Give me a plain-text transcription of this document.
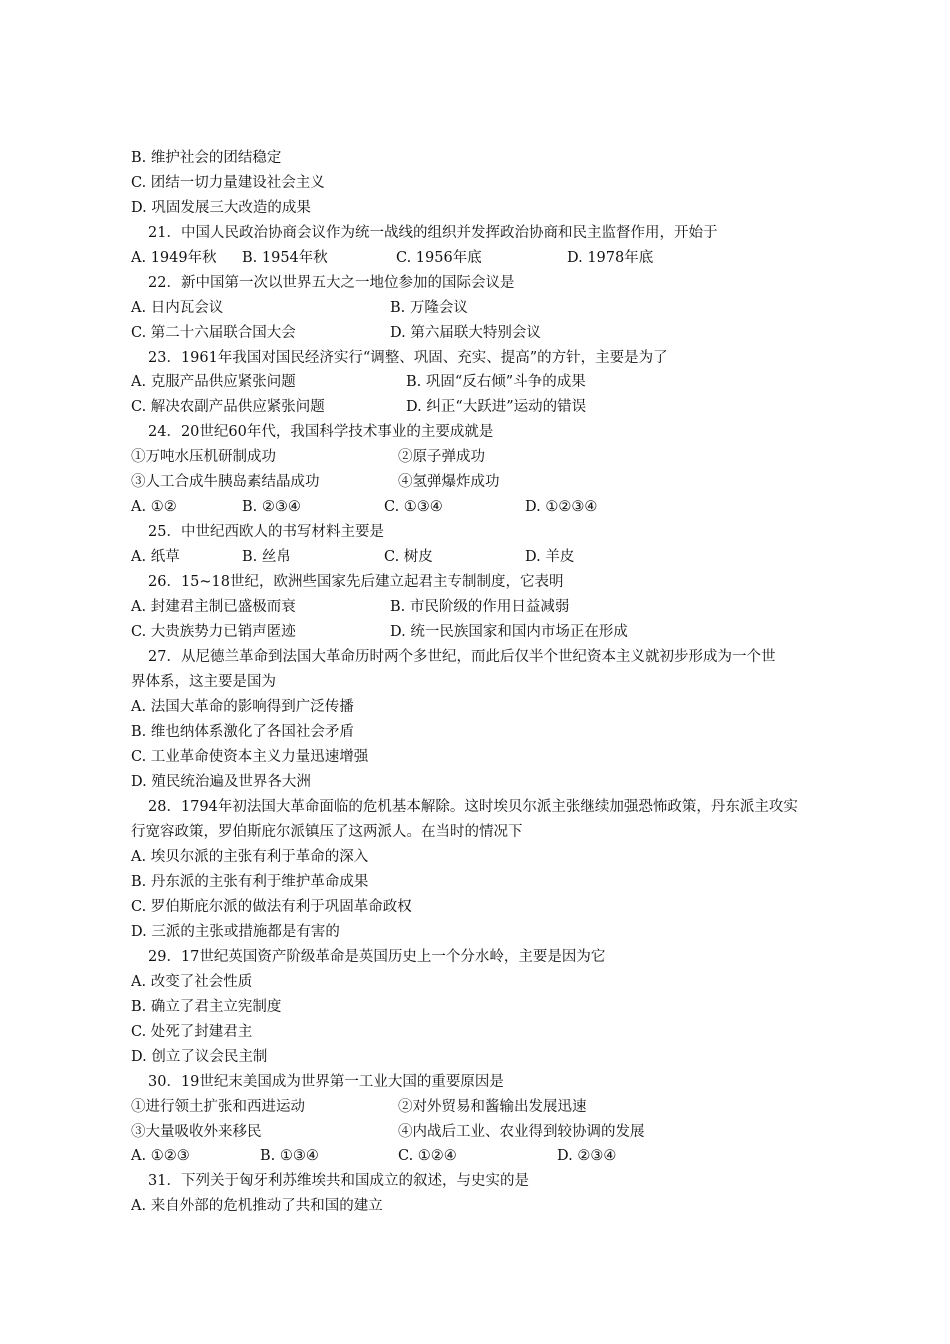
B. 维护社会的团结稳定
C. 团结一切力量建设社会主义
D. 巩固发展三大改造的成果
21．中国人民政治协商会议作为统一战线的组织并发挥政治协商和民主监督作用，开始于
A. 1949年秋 B. 1954年秋	C. 1956年底	D. 1978年底
22．新中国第一次以世界五大之一地位参加的国际会议是
A. 日内瓦会议	B. 万隆会议
C. 第二十六届联合国大会	D. 第六届联大特别会议
23．1961年我国对国民经济实行“调整、巩固、充实、提高”的方针，主要是为了
A. 克服产品供应紧张问题	B. 巩固“反右倾”斗争的成果
C. 解决农副产品供应紧张问题	D. 纠正“大跃进”运动的错误
24．20世纪60年代，我国科学技术事业的主要成就是
①万吨水压机研制成功	②原子弹成功
③人工合成牛胰岛素结晶成功	④氢弹爆炸成功
A. ①②	B. ②③④	C. ①③④	D. ①②③④
25．中世纪西欧人的书写材料主要是
A. 纸草	B. 丝帛	C. 树皮	D. 羊皮
26．15~18世纪，欧洲些国家先后建立起君主专制制度，它表明
A. 封建君主制已盛极而衰	B. 市民阶级的作用日益减弱
C. 大贵族势力已销声匿迹	D. 统一民族国家和国内市场正在形成
27．从尼德兰革命到法国大革命历时两个多世纪，而此后仅半个世纪资本主义就初步形成为一个世
界体系，这主要是国为
A. 法国大革命的影响得到广泛传播
B. 维也纳体系激化了各国社会矛盾
C. 工业革命使资本主义力量迅速增强
D. 殖民统治遍及世界各大洲
28．1794年初法国大革命面临的危机基本解除。这时埃贝尔派主张继续加强恐怖政策，丹东派主攻实
行宽容政策，罗伯斯庇尔派镇压了这两派人。在当时的情况下
A. 埃贝尔派的主张有利于革命的深入
B. 丹东派的主张有利于维护革命成果
C. 罗伯斯庇尔派的做法有利于巩固革命政权
D. 三派的主张或措施都是有害的
29．17世纪英国资产阶级革命是英国历史上一个分水岭，主要是因为它
A. 改变了社会性质
B. 确立了君主立宪制度
C. 处死了封建君主
D. 创立了议会民主制
30．19世纪末美国成为世界第一工业大国的重要原因是
①进行领土扩张和西进运动	②对外贸易和酱输出发展迅速
③大量吸收外来移民	④内战后工业、农业得到较协调的发展
A. ①②③	B. ①③④	C. ①②④	D. ②③④
31．下列关于匈牙利苏维埃共和国成立的叙述，与史实的是
A. 来自外部的危机推动了共和国的建立
